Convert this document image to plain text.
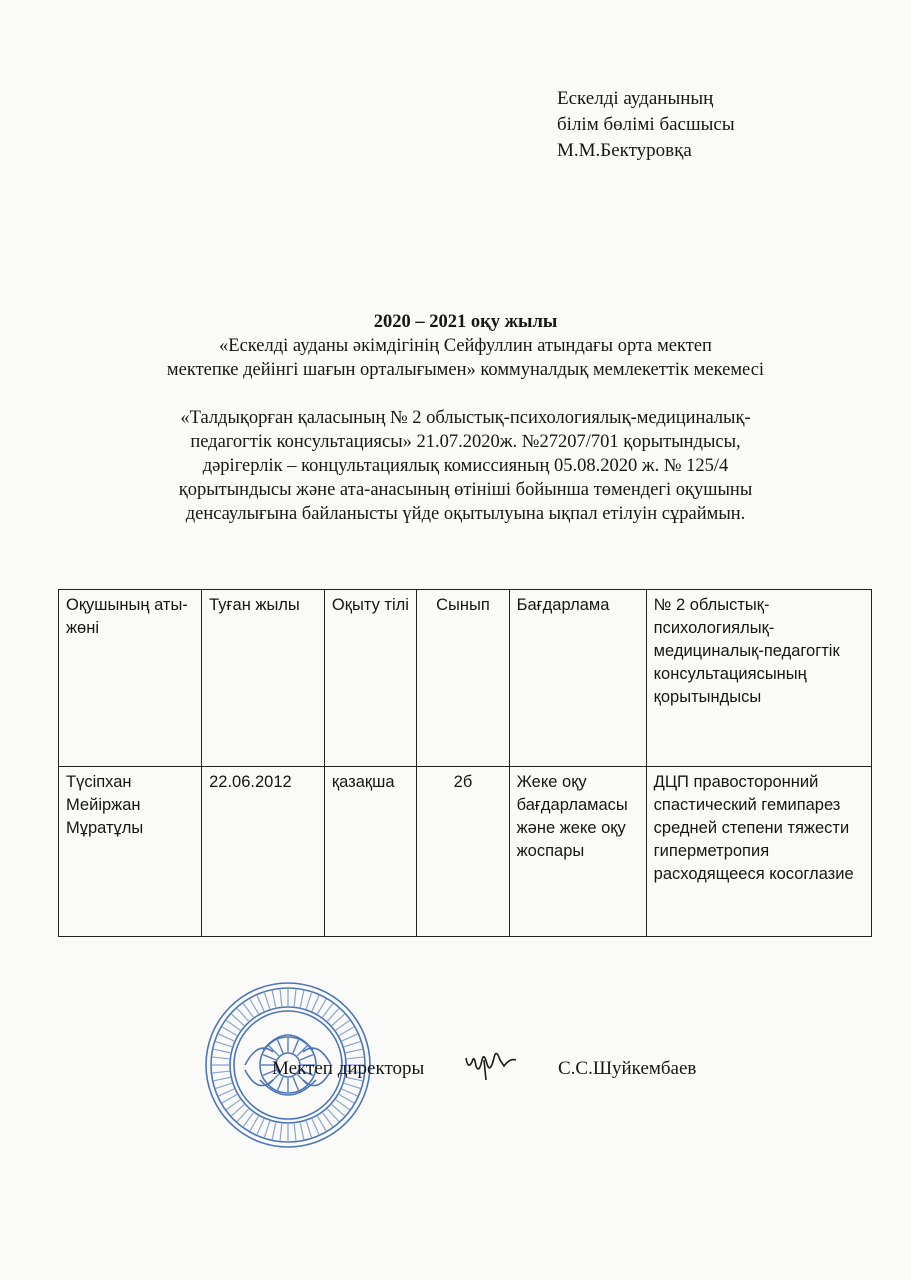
Ескелді ауданының
білім бөлімі басшысы
М.М.Бектуровқа
2020 – 2021 оқу жылы
«Ескелді ауданы әкімдігінің Сейфуллин атындағы орта мектеп
мектепке дейінгі шағын орталығымен» коммуналдық мемлекеттік мекемесі
«Талдықорған қаласының № 2 облыстық-психологиялық-медициналық-
педагогтік консультациясы» 21.07.2020ж. №27207/701 қорытындысы,
дәрігерлік – концультациялық комиссияның 05.08.2020 ж. № 125/4
қорытындысы және ата-анасының өтініші бойынша төмендегі оқушыны
денсаулығына байланысты үйде оқытылуына ықпал етілуін сұраймын.
Оқушының аты-жөні	Туған жылы	Оқыту тілі	Сынып	Бағдарлама	№ 2 облыстық-психологиялық-медициналық-педагогтік консультациясының қорытындысы
Түсіпхан Мейіржан Мұратұлы	22.06.2012	қазақша	2б	Жеке оқу бағдарламасы және жеке оқу жоспары	ДЦП правосторонний спастический гемипарез средней степени тяжести гиперметропия расходящееся косоглазие
Мектеп директоры	С.С.Шуйкембаев
